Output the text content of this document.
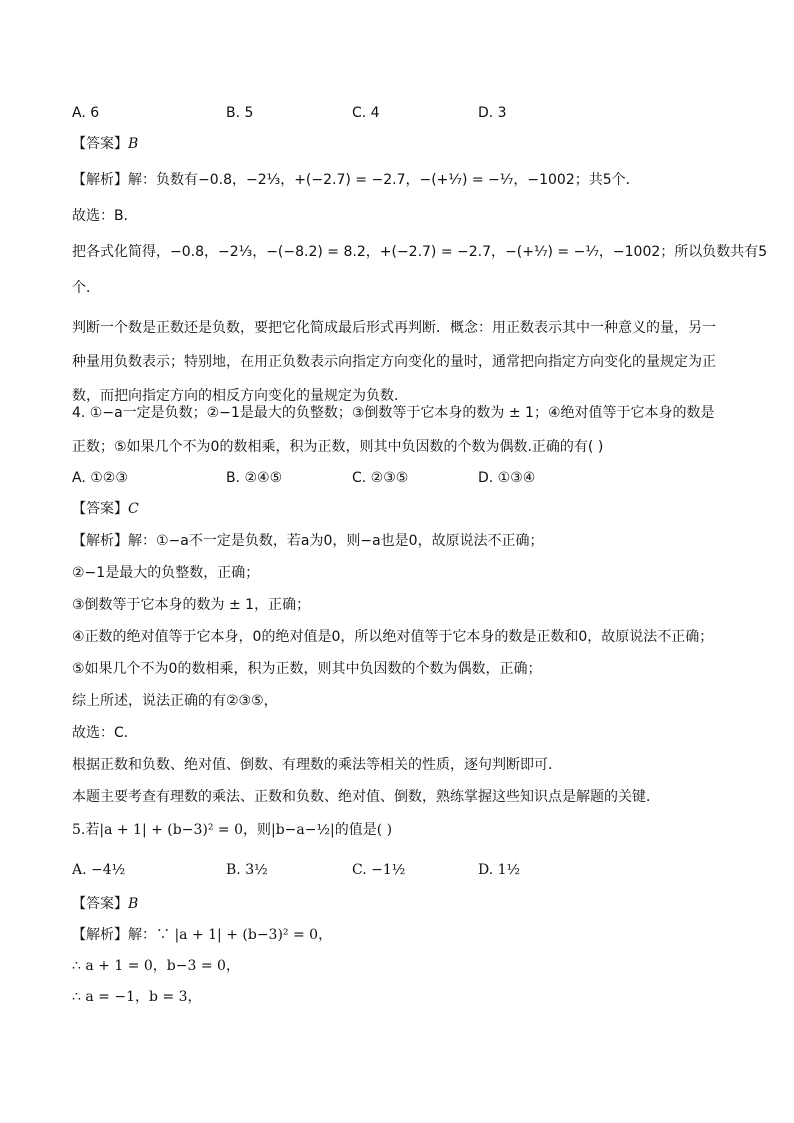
A. 6	B. 5	C. 4	D. 3
【答案】B
【解析】解：负数有−0.8，−2⅓，+(−2.7) = −2.7，−(+⅐) = −⅐，−1002；共5个．
故选：B．
把各式化简得，−0.8，−2⅓，−(−8.2) = 8.2，+(−2.7) = −2.7，−(+⅐) = −⅐，−1002；所以负数共有5
个．
判断一个数是正数还是负数，要把它化简成最后形式再判断．概念：用正数表示其中一种意义的量，另一种量用负数表示；特别地，在用正负数表示向指定方向变化的量时，通常把向指定方向变化的量规定为正数，而把向指定方向的相反方向变化的量规定为负数．
4. ①−a一定是负数；②−1是最大的负整数；③倒数等于它本身的数为 ± 1；④绝对值等于它本身的数是
正数；⑤如果几个不为0的数相乘，积为正数，则其中负因数的个数为偶数.正确的有( )
A. ①②③	B. ②④⑤	C. ②③⑤	D. ①③④
【答案】C
【解析】解：①−a不一定是负数，若a为0，则−a也是0，故原说法不正确；
②−1是最大的负整数，正确；
③倒数等于它本身的数为 ± 1，正确；
④正数的绝对值等于它本身，0的绝对值是0，所以绝对值等于它本身的数是正数和0，故原说法不正确；
⑤如果几个不为0的数相乘，积为正数，则其中负因数的个数为偶数，正确；
综上所述，说法正确的有②③⑤，
故选：C．
根据正数和负数、绝对值、倒数、有理数的乘法等相关的性质，逐句判断即可．
本题主要考查有理数的乘法、正数和负数、绝对值、倒数，熟练掌握这些知识点是解题的关键．
5.若|a + 1| + (b−3)² = 0，则|b−a−½|的值是( )
A. −4½	B. 3½	C. −1½	D. 1½
【答案】B
【解析】解：∵ |a + 1| + (b−3)² = 0，
∴ a + 1 = 0，b−3 = 0，
∴ a = −1，b = 3，
